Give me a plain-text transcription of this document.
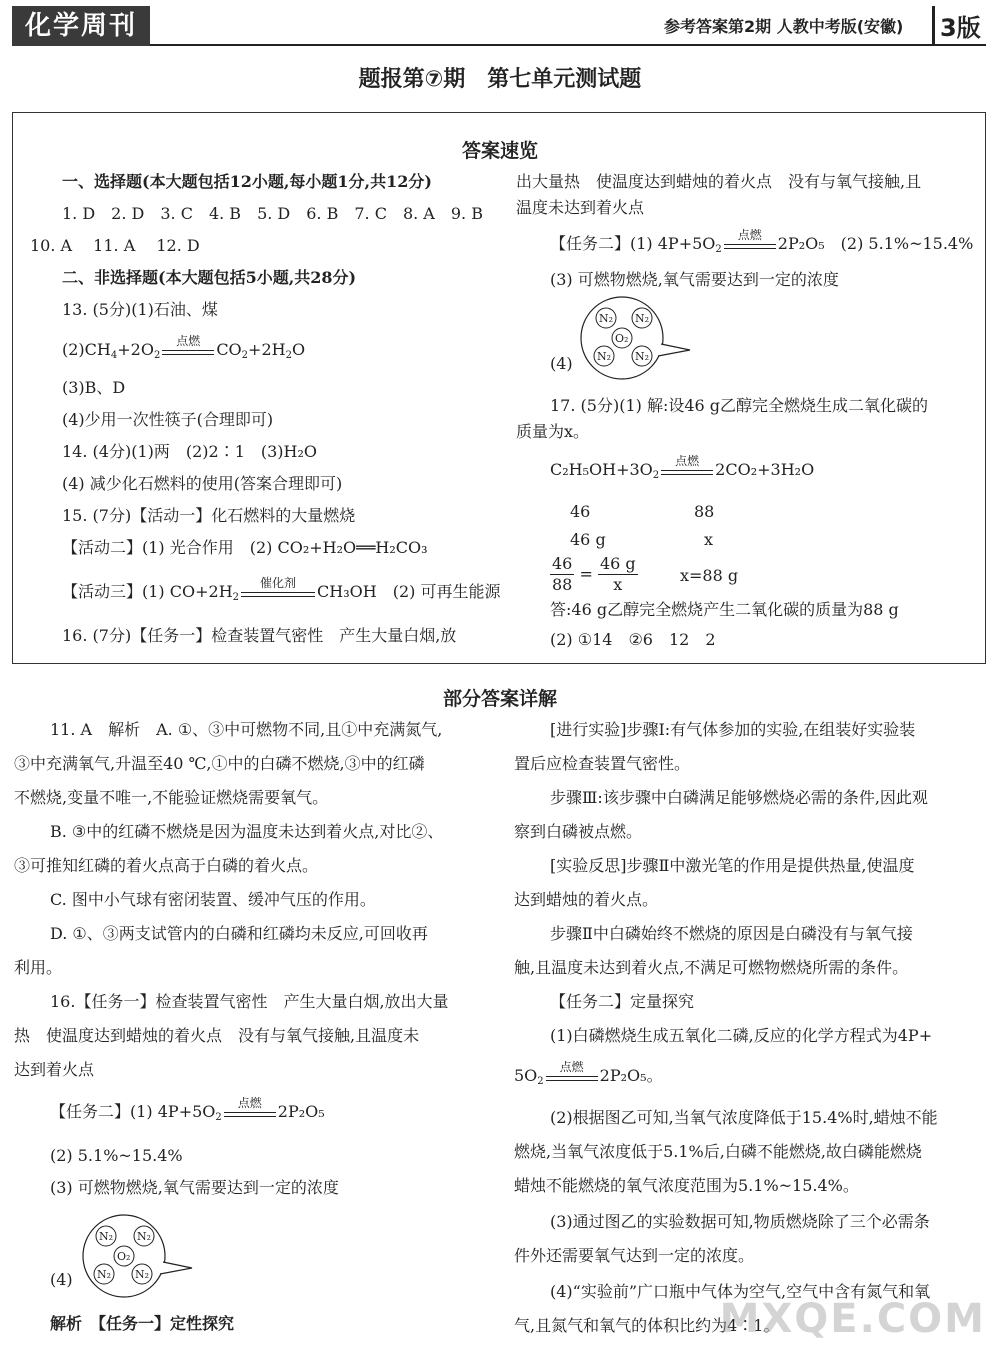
化学周刊	参考答案第2期 人教中考版(安徽) 3版
题报第⑦期　第七单元测试题
答案速览
一、选择题(本大题包括12小题,每小题1分,共12分)
1. D　2. D　3. C　4. B　5. D　6. B　7. C　8. A　9. B
10. A　 11. A　 12. D
二、非选择题(本大题包括5小题,共28分)
13. (5分)(1)石油、煤
$(2)CH_4+2O_2$
点燃	$CO_2+2H_2O$
(3)B、D
(4)少用一次性筷子(合理即可)
14. (4分)(1)两　(2)2∶1　(3)H₂O
(4) 减少化石燃料的使用(答案合理即可)
15. (7分)【活动一】化石燃料的大量燃烧
【活动二】(1) 光合作用　(2) CO₂+H₂O══H₂CO₃
【活动三】(1) $CO+2H_2$
催化剂	CH₃OH　(2) 可再生能源
16. (7分)【任务一】检查装置气密性　产生大量白烟,放
出大量热　使温度达到蜡烛的着火点　没有与氧气接触,且
温度未达到着火点
【任务二】(1) $4P+5O_2$
点燃	2P₂O₅　(2) 5.1%~15.4%
(3) 可燃物燃烧,氧气需要达到一定的浓度
(4)
N₂ N₂
O₂
N₂ N₂
17. (5分)(1) 解:设46 g乙醇完全燃烧生成二氧化碳的
质量为x。
$C_2H_5OH+3O_2$
点燃	2CO₂+3H₂O
46	88
46 g	x
$\frac{46}{88} = \frac{46 g}{x}$	x=88 g
答:46 g乙醇完全燃烧产生二氧化碳的质量为88 g
(2) ①14　②6　12　2
部分答案详解
11. A　解析　A. ①、③中可燃物不同,且①中充满氮气,
③中充满氧气,升温至40 ℃,①中的白磷不燃烧,③中的红磷
不燃烧,变量不唯一,不能验证燃烧需要氧气。
B. ③中的红磷不燃烧是因为温度未达到着火点,对比②、
③可推知红磷的着火点高于白磷的着火点。
C. 图中小气球有密闭装置、缓冲气压的作用。
D. ①、③两支试管内的白磷和红磷均未反应,可回收再
利用。
16.【任务一】检查装置气密性　产生大量白烟,放出大量
热　使温度达到蜡烛的着火点　没有与氧气接触,且温度未
达到着火点
【任务二】(1) $4P+5O_2$
点燃	2P₂O₅
(2) 5.1%~15.4%
(3) 可燃物燃烧,氧气需要达到一定的浓度
(4)
N₂ N₂
O₂
N₂ N₂
解析　【任务一】定性探究
[进行实验]步骤Ⅰ:有气体参加的实验,在组装好实验装
置后应检查装置气密性。
步骤Ⅲ:该步骤中白磷满足能够燃烧必需的条件,因此观
察到白磷被点燃。
[实验反思]步骤Ⅱ中激光笔的作用是提供热量,使温度
达到蜡烛的着火点。
步骤Ⅱ中白磷始终不燃烧的原因是白磷没有与氧气接
触,且温度未达到着火点,不满足可燃物燃烧所需的条件。
【任务二】定量探究
(1)白磷燃烧生成五氧化二磷,反应的化学方程式为4P+
$5O_2$
点燃	2P₂O₅。
(2)根据图乙可知,当氧气浓度降低于15.4%时,蜡烛不能
燃烧,当氧气浓度低于5.1%后,白磷不能燃烧,故白磷能燃烧
蜡烛不能燃烧的氧气浓度范围为5.1%~15.4%。
(3)通过图乙的实验数据可知,物质燃烧除了三个必需条
件外还需要氧气达到一定的浓度。
(4)“实验前”广口瓶中气体为空气,空气中含有氮气和氧
气,且氮气和氧气的体积比约为4∶1。
MXQE.COM
